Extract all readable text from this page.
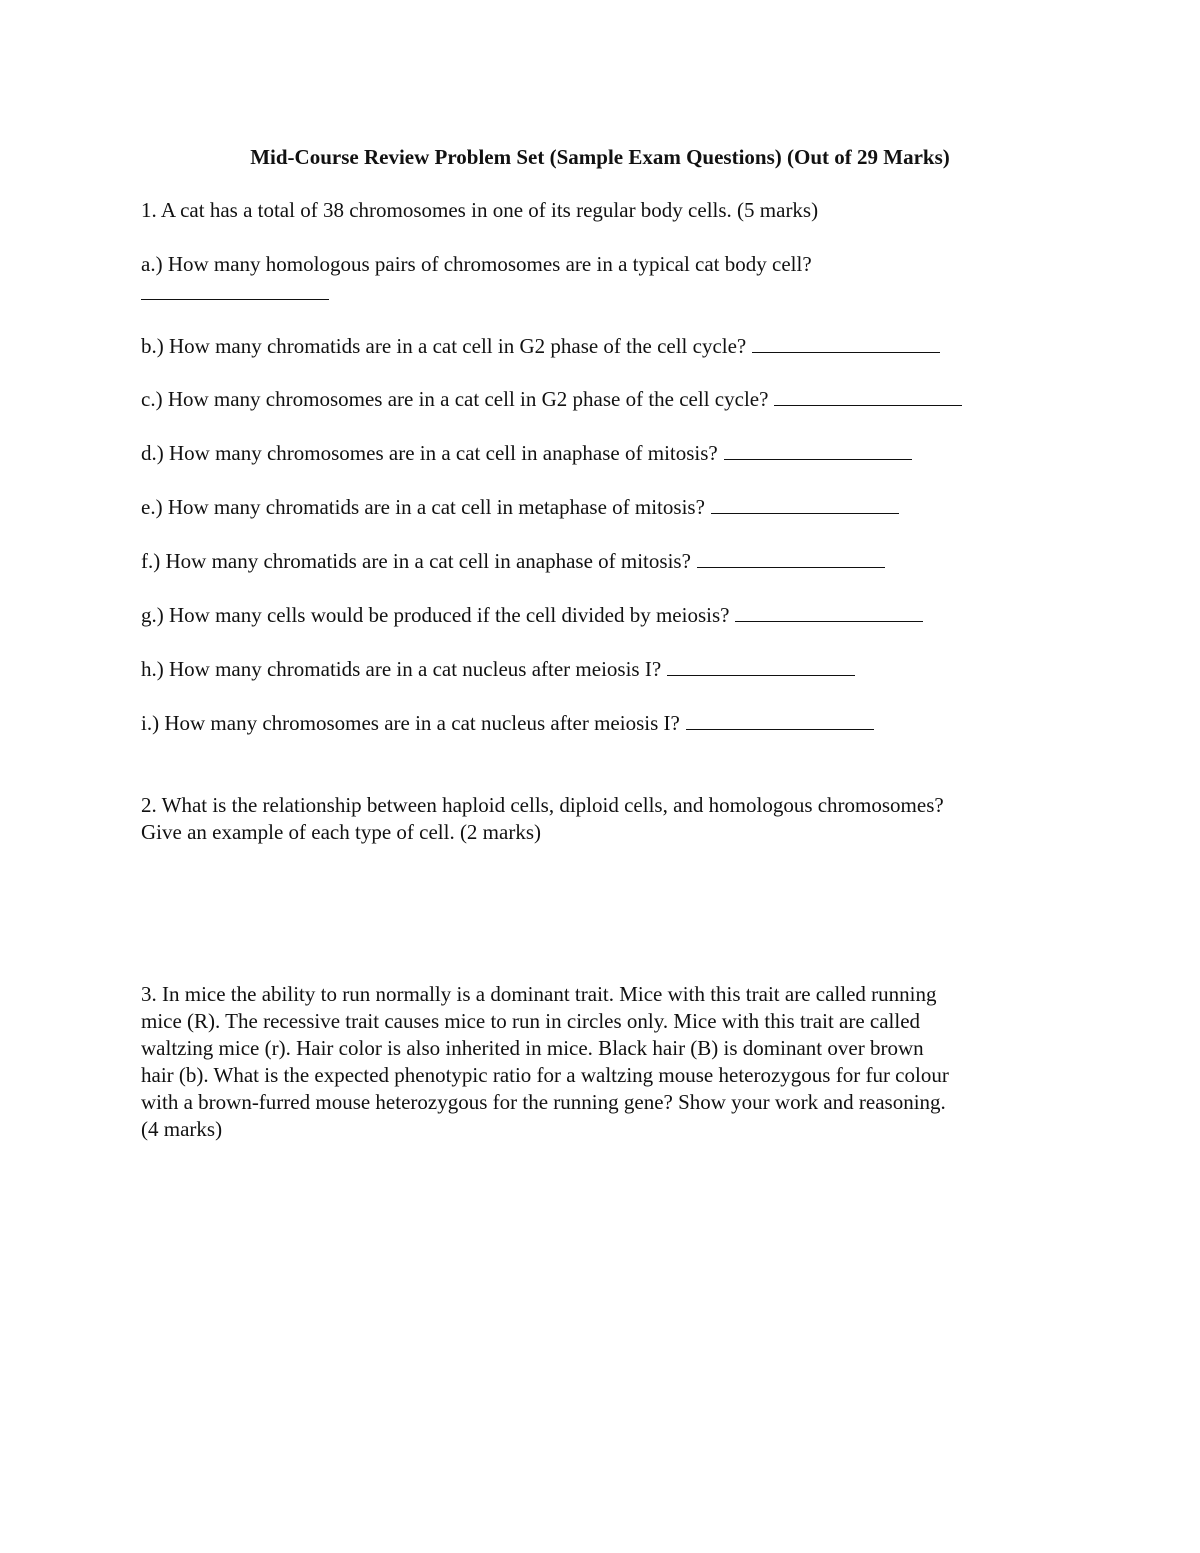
Mid-Course Review Problem Set (Sample Exam Questions) (Out of 29 Marks)
1. A cat has a total of 38 chromosomes in one of its regular body cells. (5 marks)
a.) How many homologous pairs of chromosomes are in a typical cat body cell?
b.) How many chromatids are in a cat cell in G2 phase of the cell cycle?
c.) How many chromosomes are in a cat cell in G2 phase of the cell cycle?
d.) How many chromosomes are in a cat cell in anaphase of mitosis?
e.) How many chromatids are in a cat cell in metaphase of mitosis?
f.) How many chromatids are in a cat cell in anaphase of mitosis?
g.) How many cells would be produced if the cell divided by meiosis?
h.) How many chromatids are in a cat nucleus after meiosis I?
i.) How many chromosomes are in a cat nucleus after meiosis I?
2. What is the relationship between haploid cells, diploid cells, and homologous chromosomes?
Give an example of each type of cell. (2 marks)
3. In mice the ability to run normally is a dominant trait. Mice with this trait are called running
mice (R). The recessive trait causes mice to run in circles only. Mice with this trait are called
waltzing mice (r). Hair color is also inherited in mice. Black hair (B) is dominant over brown
hair (b). What is the expected phenotypic ratio for a waltzing mouse heterozygous for fur colour
with a brown-furred mouse heterozygous for the running gene? Show your work and reasoning.
(4 marks)
